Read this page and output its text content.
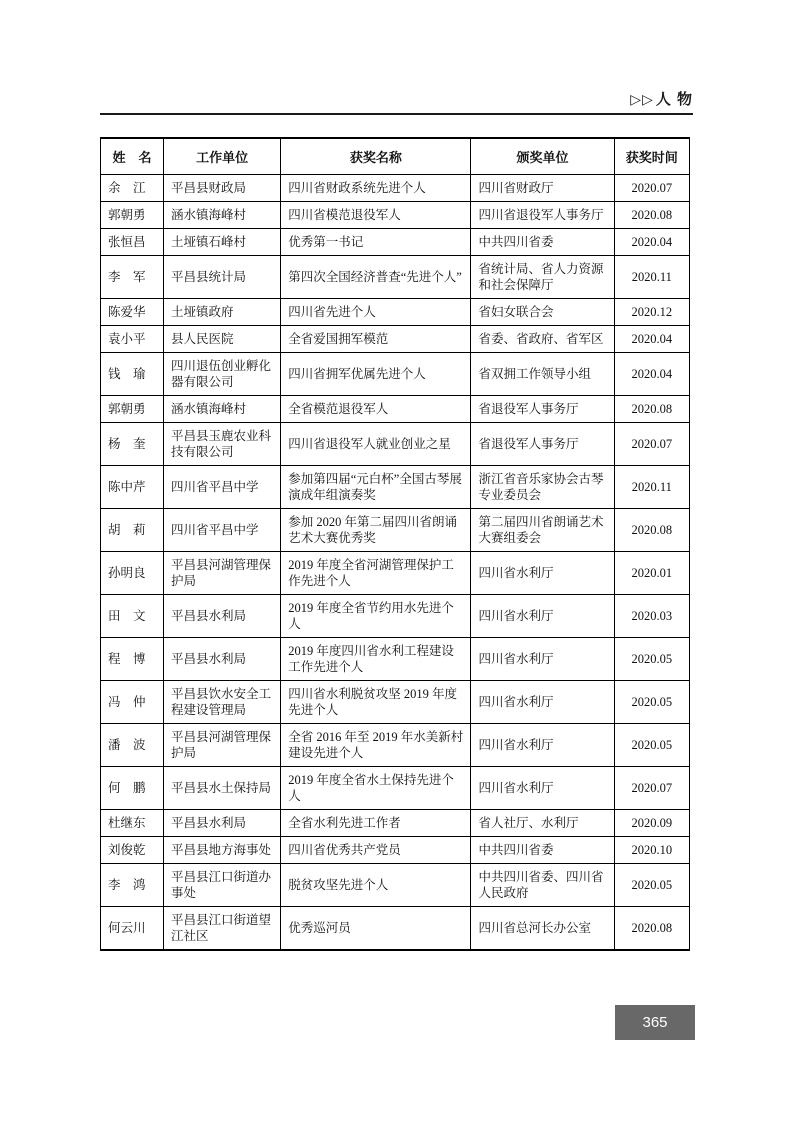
▷▷ 人 物
姓　名	工作单位	获奖名称	颁奖单位	获奖时间
余　江	平昌县财政局	四川省财政系统先进个人	四川省财政厅	2020.07
郭朝勇	涵水镇海峰村	四川省模范退役军人	四川省退役军人事务厅	2020.08
张恒昌	土垭镇石峰村	优秀第一书记	中共四川省委	2020.04
李　军	平昌县统计局	第四次全国经济普查“先进个人”	省统计局、省人力资源和社会保障厅	2020.11
陈爱华	土垭镇政府	四川省先进个人	省妇女联合会	2020.12
袁小平	县人民医院	全省爱国拥军模范	省委、省政府、省军区	2020.04
钱　瑜	四川退伍创业孵化器有限公司	四川省拥军优属先进个人	省双拥工作领导小组	2020.04
郭朝勇	涵水镇海峰村	全省模范退役军人	省退役军人事务厅	2020.08
杨　奎	平昌县玉鹿农业科技有限公司	四川省退役军人就业创业之星	省退役军人事务厅	2020.07
陈中芹	四川省平昌中学	参加第四届“元白杯”全国古琴展演成年组演奏奖	浙江省音乐家协会古琴专业委员会	2020.11
胡　莉	四川省平昌中学	参加 2020 年第二届四川省朗诵艺术大赛优秀奖	第二届四川省朗诵艺术大赛组委会	2020.08
孙明良	平昌县河湖管理保护局	2019 年度全省河湖管理保护工作先进个人	四川省水利厅	2020.01
田　文	平昌县水利局	2019 年度全省节约用水先进个人	四川省水利厅	2020.03
程　博	平昌县水利局	2019 年度四川省水利工程建设工作先进个人	四川省水利厅	2020.05
冯　仲	平昌县饮水安全工程建设管理局	四川省水利脱贫攻坚 2019 年度先进个人	四川省水利厅	2020.05
潘　波	平昌县河湖管理保护局	全省 2016 年至 2019 年水美新村建设先进个人	四川省水利厅	2020.05
何　鹏	平昌县水土保持局	2019 年度全省水土保持先进个人	四川省水利厅	2020.07
杜继东	平昌县水利局	全省水利先进工作者	省人社厅、水利厅	2020.09
刘俊乾	平昌县地方海事处	四川省优秀共产党员	中共四川省委	2020.10
李　鸿	平昌县江口街道办事处	脱贫攻坚先进个人	中共四川省委、四川省人民政府	2020.05
何云川	平昌县江口街道望江社区	优秀巡河员	四川省总河长办公室	2020.08
365
